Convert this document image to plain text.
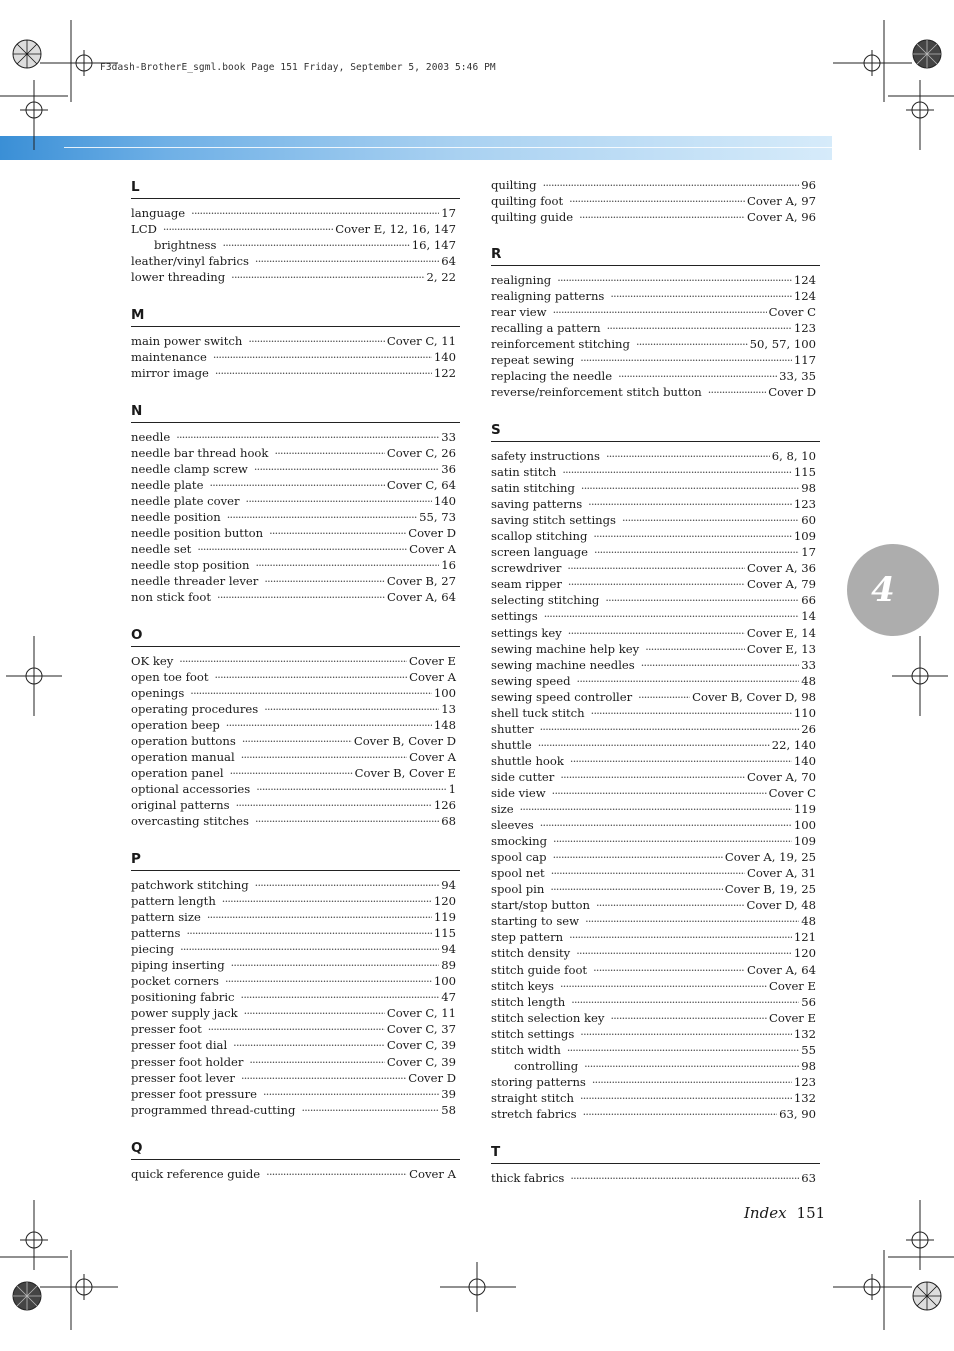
F3dash-BrotherE_sgml.book Page 151 Friday, September 5, 2003 5:46 PM
4
L
language . . .	17
LCD . . .	Cover E, 12, 16, 147
brightness . . .	16, 147
leather/vinyl fabrics . . .	64
lower threading . . .	2, 22
M
main power switch . . .	Cover C, 11
maintenance . . .	140
mirror image . . .	122
N
needle . . .	33
needle bar thread hook . . .	Cover C, 26
needle clamp screw . . .	36
needle plate . . .	Cover C, 64
needle plate cover . . .	140
needle position . . .	55, 73
needle position button . . .	Cover D
needle set . . .	Cover A
needle stop position . . .	16
needle threader lever . . .	Cover B, 27
non stick foot . . .	Cover A, 64
O
OK key . . .	Cover E
open toe foot . . .	Cover A
openings . . .	100
operating procedures . . .	13
operation beep . . .	148
operation buttons . . .	Cover B, Cover D
operation manual . . .	Cover A
operation panel . . .	Cover B, Cover E
optional accessories . . .	1
original patterns . . .	126
overcasting stitches . . .	68
P
patchwork stitching . . .	94
pattern length . . .	120
pattern size . . .	119
patterns . . .	115
piecing . . .	94
piping inserting . . .	89
pocket corners . . .	100
positioning fabric . . .	47
power supply jack . . .	Cover C, 11
presser foot . . .	Cover C, 37
presser foot dial . . .	Cover C, 39
presser foot holder . . .	Cover C, 39
presser foot lever . . .	Cover D
presser foot pressure . . .	39
programmed thread-cutting . . .	58
Q
quick reference guide . . .	Cover A
quilting . . .	96
quilting foot . . .	Cover A, 97
quilting guide . . .	Cover A, 96
R
realigning . . .	124
realigning patterns . . .	124
rear view . . .	Cover C
recalling a pattern . . .	123
reinforcement stitching . . .	50, 57, 100
repeat sewing . . .	117
replacing the needle . . .	33, 35
reverse/reinforcement stitch button . . .	Cover D
S
safety instructions . . .	6, 8, 10
satin stitch . . .	115
satin stitching . . .	98
saving patterns . . .	123
saving stitch settings . . .	60
scallop stitching . . .	109
screen language . . .	17
screwdriver . . .	Cover A, 36
seam ripper . . .	Cover A, 79
selecting stitching . . .	66
settings . . .	14
settings key . . .	Cover E, 14
sewing machine help key . . .	Cover E, 13
sewing machine needles . . .	33
sewing speed . . .	48
sewing speed controller . . .	Cover B, Cover D, 98
shell tuck stitch . . .	110
shutter . . .	26
shuttle . . .	22, 140
shuttle hook . . .	140
side cutter . . .	Cover A, 70
side view . . .	Cover C
size . . .	119
sleeves . . .	100
smocking . . .	109
spool cap . . .	Cover A, 19, 25
spool net . . .	Cover A, 31
spool pin . . .	Cover B, 19, 25
start/stop button . . .	Cover D, 48
starting to sew . . .	48
step pattern . . .	121
stitch density . . .	120
stitch guide foot . . .	Cover A, 64
stitch keys . . .	Cover E
stitch length . . .	56
stitch selection key . . .	Cover E
stitch settings . . .	132
stitch width . . .	55
controlling . . .	98
storing patterns . . .	123
straight stitch . . .	132
stretch fabrics . . .	63, 90
T
thick fabrics . . .	63
Index 151
